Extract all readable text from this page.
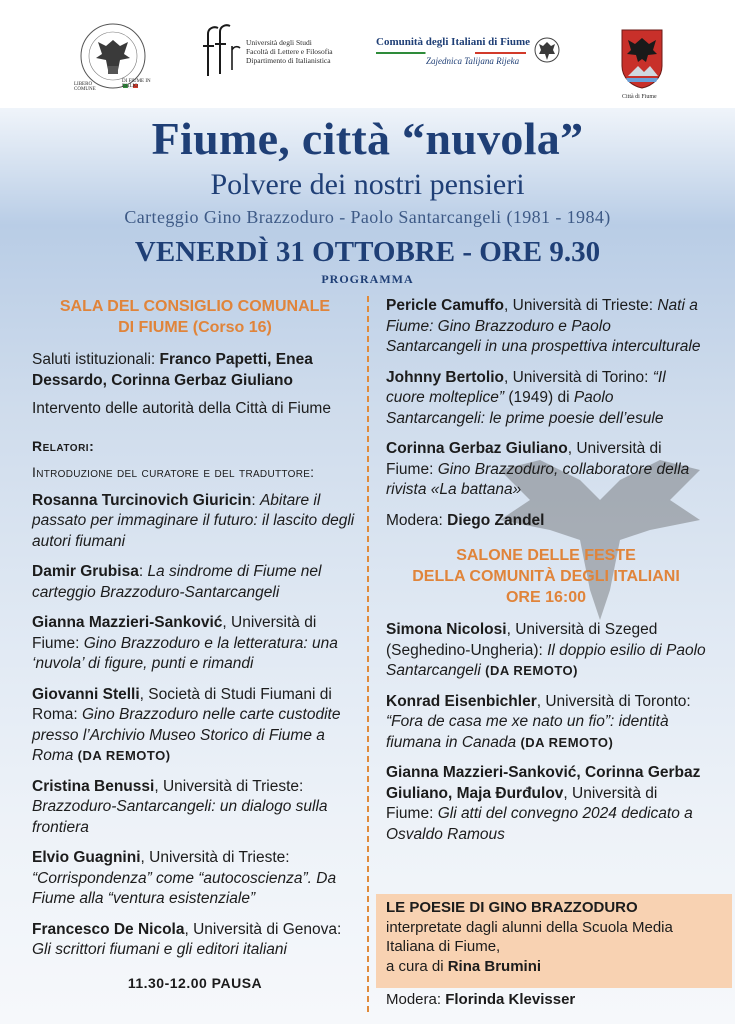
LIBERO COMUNE
DI FIUME IN ESILIO
Università degli Studi
Facoltà di Lettere e Filosofia
Dipartimento di Italianistica
Comunità degli Italiani di Fiume
Zajednica Talijana Rijeka
Città di Fiume
Fiume, città “nuvola”
Polvere dei nostri pensieri
Carteggio Gino Brazzoduro - Paolo Santarcangeli (1981 - 1984)
VENERDÌ 31 OTTOBRE - ORE 9.30
PROGRAMMA
SALA DEL CONSIGLIO COMUNALE
DI FIUME (Corso 16)
Saluti istituzionali: Franco Papetti, Enea Dessardo, Corinna Gerbaz Giuliano
Intervento delle autorità della Città di Fiume
Relatori:
Introduzione del curatore e del traduttore:
Rosanna Turcinovich Giuricin: Abitare il passato per immaginare il futuro: il lascito degli autori fiumani
Damir Grubisa: La sindrome di Fiume nel carteggio Brazzoduro-Santarcangeli
Gianna Mazzieri-Sanković, Università di Fiume: Gino Brazzoduro e la letteratura: una ‘nuvola’ di figure, punti e rimandi
Giovanni Stelli, Società di Studi Fiumani di Roma: Gino Brazzoduro nelle carte custodite presso l’Archivio Museo Storico di Fiume a Roma (DA REMOTO)
Cristina Benussi, Università di Trieste: Brazzoduro-Santarcangeli: un dialogo sulla frontiera
Elvio Guagnini, Università di Trieste: “Corrispondenza” come “autocoscienza”. Da Fiume alla “ventura esistenziale”
Francesco De Nicola, Università di Genova: Gli scrittori fiumani e gli editori italiani
11.30-12.00 PAUSA
Pericle Camuffo, Università di Trieste: Nati a Fiume: Gino Brazzoduro e Paolo Santarcangeli in una prospettiva interculturale
Johnny Bertolio, Università di Torino: “Il cuore molteplice” (1949) di Paolo Santarcangeli: le prime poesie dell’esule
Corinna Gerbaz Giuliano, Università di Fiume: Gino Brazzoduro, collaboratore della rivista «La battana»
Modera: Diego Zandel
SALONE DELLE FESTE
DELLA COMUNITÀ DEGLI ITALIANI
ORE 16:00
Simona Nicolosi, Università di Szeged (Seghedino-Ungheria): Il doppio esilio di Paolo Santarcangeli (DA REMOTO)
Konrad Eisenbichler, Università di Toronto: “Fora de casa me xe nato un fio”: identità fiumana in Canada (DA REMOTO)
Gianna Mazzieri-Sanković, Corinna Gerbaz Giuliano, Maja Đurđulov, Università di Fiume: Gli atti del convegno 2024 dedicato a Osvaldo Ramous
LE POESIE DI GINO BRAZZODURO
interpretate dagli alunni della Scuola Media Italiana di Fiume,
a cura di Rina Brumini
Modera: Florinda Klevisser
